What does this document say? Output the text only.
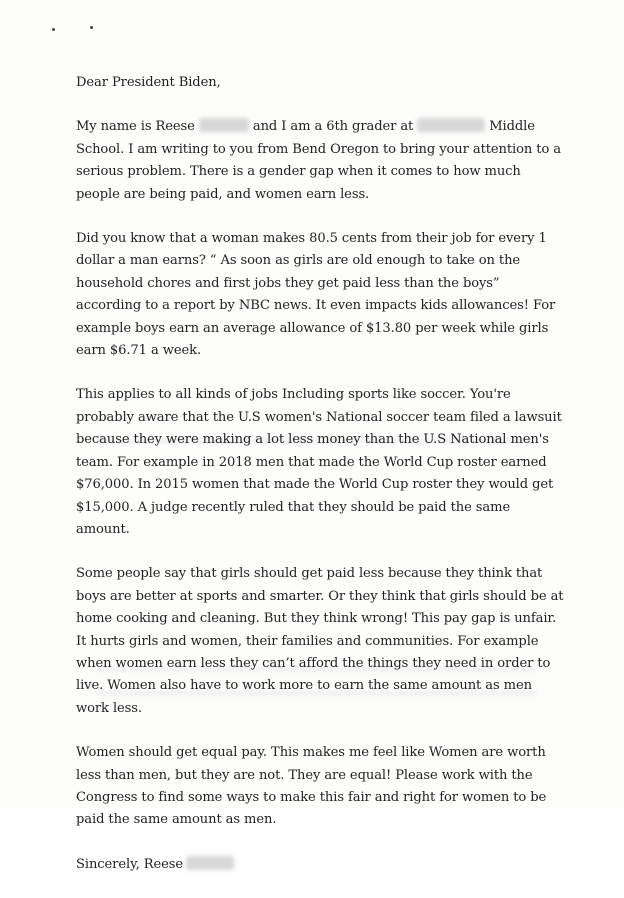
Dear President Biden,

My name is Reese	and I am a 6th grader at	Middle School. I am writing to you from Bend Oregon to bring your attention to a serious problem. There is a gender gap when it comes to how much people are being paid, and women earn less.

Did you know that a woman makes 80.5 cents from their job for every 1 dollar a man earns? “ As soon as girls are old enough to take on the household chores and first jobs they get paid less than the boys” according to a report by NBC news. It even impacts kids allowances! For example boys earn an average allowance of $13.80 per week while girls earn $6.71 a week.

This applies to all kinds of jobs Including sports like soccer. You're probably aware that the U.S women's National soccer team filed a lawsuit because they were making a lot less money than the U.S National men's team. For example in 2018 men that made the World Cup roster earned $76,000. In 2015 women that made the World Cup roster they would get $15,000. A judge recently ruled that they should be paid the same amount.

Some people say that girls should get paid less because they think that boys are better at sports and smarter. Or they think that girls should be at home cooking and cleaning. But they think wrong! This pay gap is unfair. It hurts girls and women, their families and communities. For example when women earn less they can’t afford the things they need in order to live. Women also have to work more to earn the same amount as men work less.

Women should get equal pay. This makes me feel like Women are worth less than men, but they are not. They are equal! Please work with the Congress to find some ways to make this fair and right for women to be paid the same amount as men.

Sincerely, Reese
